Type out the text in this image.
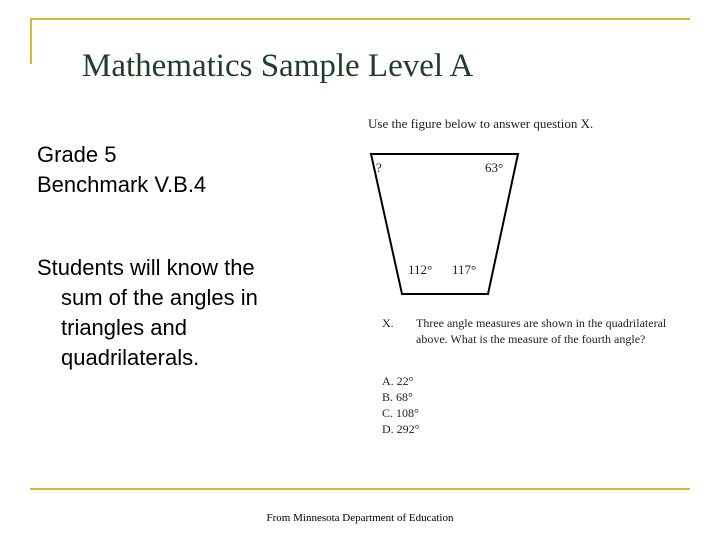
Mathematics Sample Level A
Grade 5
Benchmark V.B.4
Students will know the
sum of the angles in
triangles and
quadrilaterals.
Use the figure below to answer question X.
?	63°
112° 117°
X. Three angle measures are shown in the quadrilateral
above. What is the measure of the fourth angle?
A. 22°
B. 68°
C. 108°
D. 292°
From Minnesota Department of Education
